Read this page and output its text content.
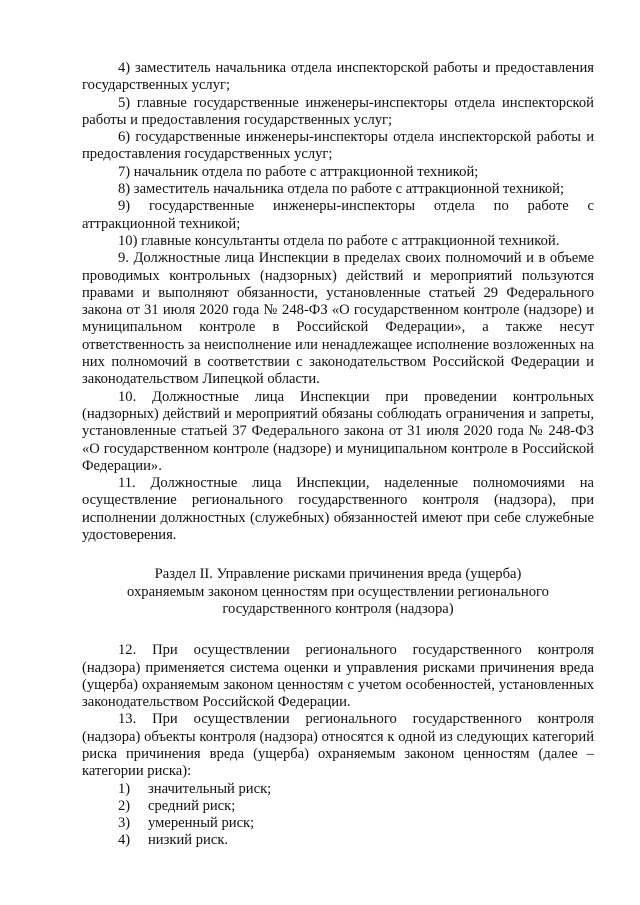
4) заместитель начальника отдела инспекторской работы и предоставления государственных услуг;

5) главные государственные инженеры-инспекторы отдела инспекторской работы и предоставления государственных услуг;

6) государственные инженеры-инспекторы отдела инспекторской работы и предоставления государственных услуг;

7) начальник отдела по работе с аттракционной техникой;

8) заместитель начальника отдела по работе с аттракционной техникой;

9) государственные инженеры-инспекторы отдела по работе с аттракционной техникой;

10) главные консультанты отдела по работе с аттракционной техникой.

9. Должностные лица Инспекции в пределах своих полномочий и в объеме проводимых контрольных (надзорных) действий и мероприятий пользуются правами и выполняют обязанности, установленные статьей 29 Федерального закона от 31 июля 2020 года № 248-ФЗ «О государственном контроле (надзоре) и муниципальном контроле в Российской Федерации», а также несут ответственность за неисполнение или ненадлежащее исполнение возложенных на них полномочий в соответствии с законодательством Российской Федерации и законодательством Липецкой области.

10. Должностные лица Инспекции при проведении контрольных (надзорных) действий и мероприятий обязаны соблюдать ограничения и запреты, установленные статьей 37 Федерального закона от 31 июля 2020 года № 248-ФЗ «О государственном контроле (надзоре) и муниципальном контроле в Российской Федерации».

11. Должностные лица Инспекции, наделенные полномочиями на осуществление регионального государственного контроля (надзора), при исполнении должностных (служебных) обязанностей имеют при себе служебные удостоверения.

Раздел II. Управление рисками причинения вреда (ущерба)
охраняемым законом ценностям при осуществлении регионального
государственного контроля (надзора)

12. При осуществлении регионального государственного контроля (надзора) применяется система оценки и управления рисками причинения вреда (ущерба) охраняемым законом ценностям с учетом особенностей, установленных законодательством Российской Федерации.

13. При осуществлении регионального государственного контроля (надзора) объекты контроля (надзора) относятся к одной из следующих категорий риска причинения вреда (ущерба) охраняемым законом ценностям (далее – категории риска):

1)	значительный риск;
2)	средний риск;
3)	умеренный риск;
4)	низкий риск.
